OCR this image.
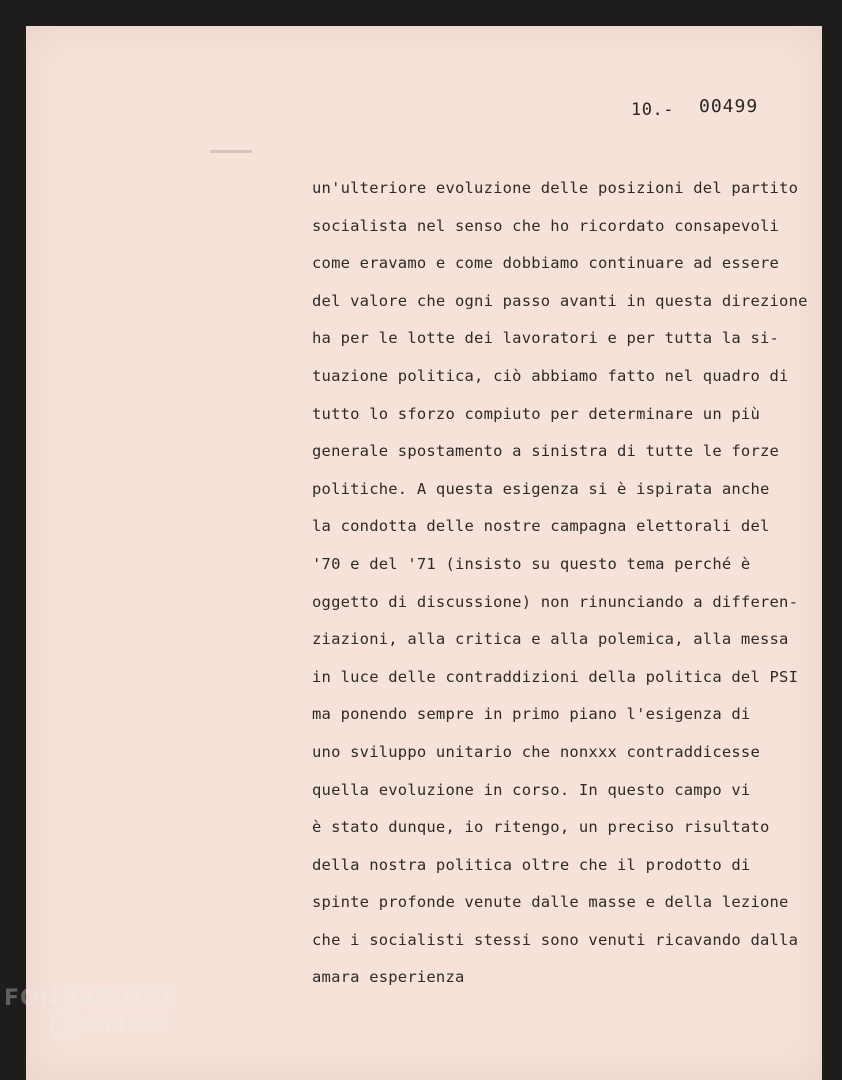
10.- 00499
un'ulteriore evoluzione delle posizioni del partito
socialista nel senso che ho ricordato consapevoli
come eravamo e come dobbiamo continuare ad essere
del valore che ogni passo avanti in questa direzione
ha per le lotte dei lavoratori e per tutta la si-
tuazione politica, ciò abbiamo fatto nel quadro di
tutto lo sforzo compiuto per determinare un più
generale spostamento a sinistra di tutte le forze
politiche. A questa esigenza si è ispirata anche
la condotta delle nostre campagna elettorali del
'70 e del '71 (insisto su questo tema perché è
oggetto di discussione) non rinunciando a differen-
ziazioni, alla critica e alla polemica, alla messa
in luce delle contraddizioni della politica del PSI
ma ponendo sempre in primo piano l'esigenza di
uno sviluppo unitario che nonxxx contraddicesse
quella evoluzione in corso. In questo campo vi
è stato dunque, io ritengo, un preciso risultato
della nostra politica oltre che il prodotto di
spinte profonde venute dalle masse e della lezione
che i socialisti stessi sono venuti ricavando dalla
amara esperienza
FONDAZIONE
RAMSCI
